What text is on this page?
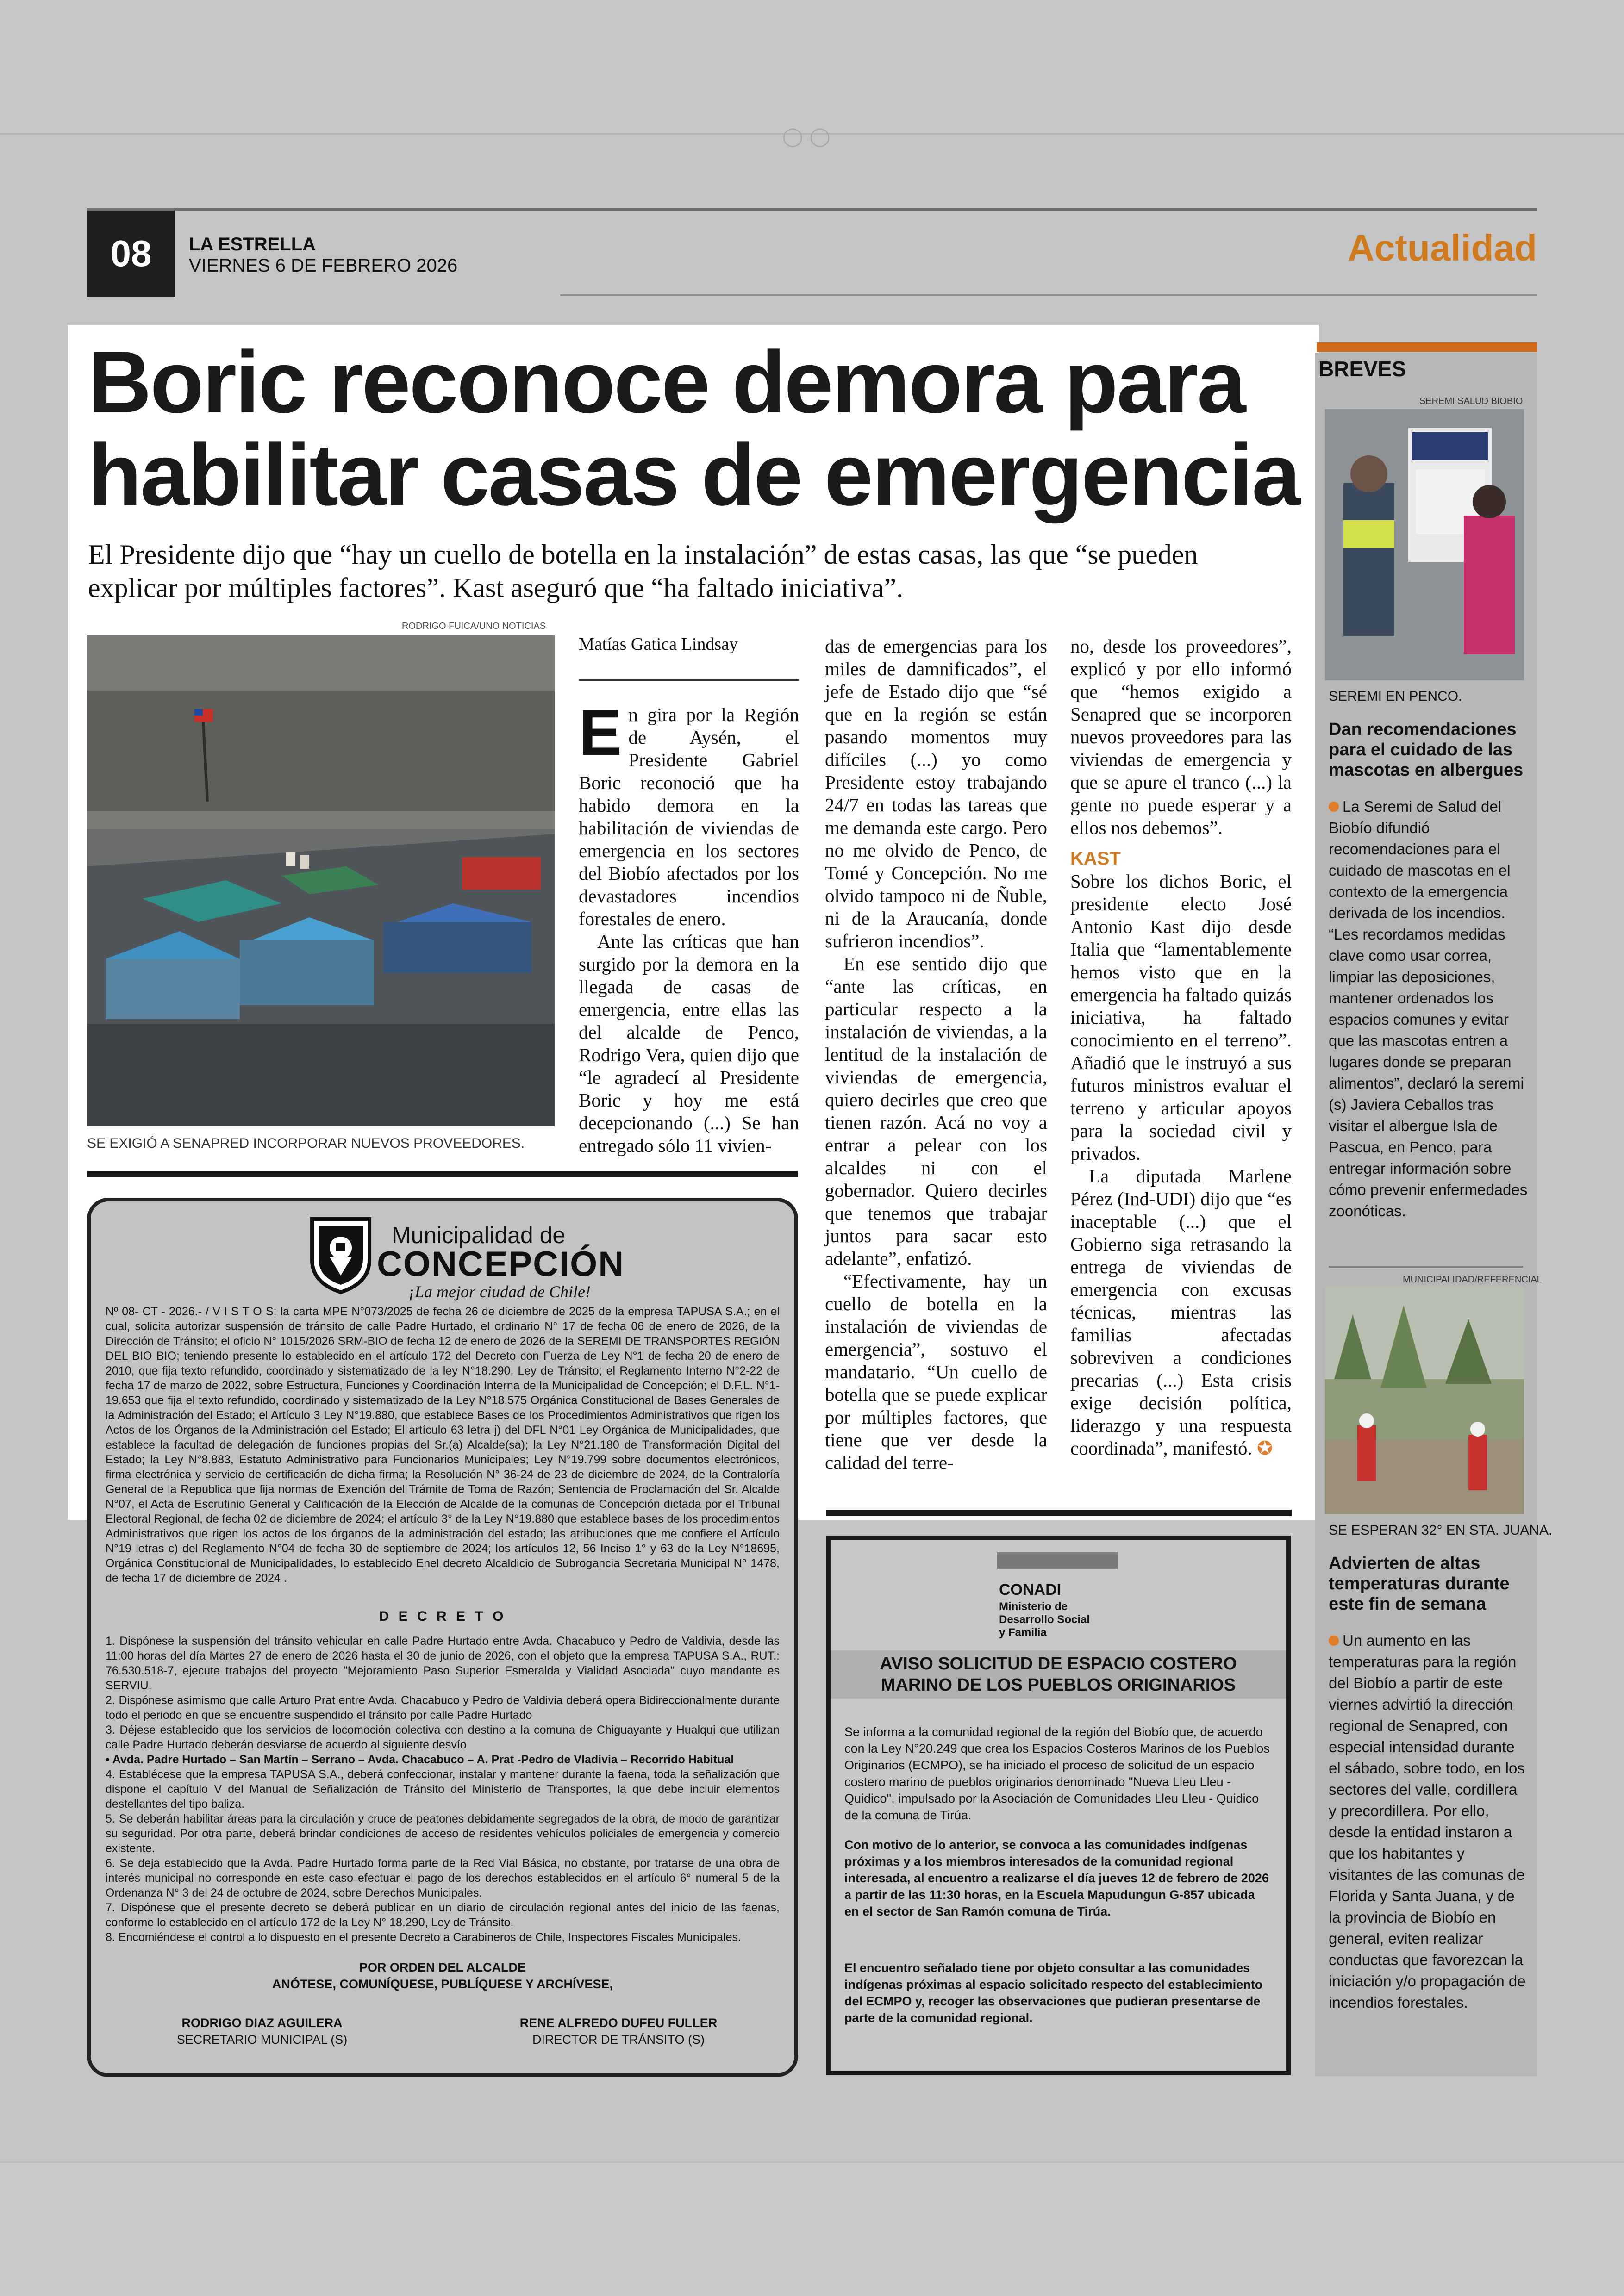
◯◯
08	LA ESTRELLA
VIERNES 6 DE FEBRERO 2026	Actualidad
Boric reconoce demora para habilitar casas de emergencia
El Presidente dijo que “hay un cuello de botella en la instalación” de estas casas, las que “se pueden explicar por múltiples factores”. Kast aseguró que “ha faltado iniciativa”.
RODRIGO FUICA/UNO NOTICIAS
SE EXIGIÓ A SENAPRED INCORPORAR NUEVOS PROVEEDORES.
Matías Gatica Lindsay
En gira por la Región de Aysén, el Presidente Gabriel Boric reconoció que ha habido demora en la habilitación de viviendas de emergencia en los sectores del Biobío afectados por los devastadores incendios forestales de enero.
Ante las críticas que han surgido por la demora en la llegada de casas de emergencia, entre ellas las del alcalde de Penco, Rodrigo Vera, quien dijo que “le agradecí al Presidente Boric y hoy me está decepcionando (...) Se han entregado sólo 11 vivien-
das de emergencias para los miles de damnificados”, el jefe de Estado dijo que “sé que en la región se están pasando momentos muy difíciles (...) yo como Presidente estoy trabajando 24/7 en todas las tareas que me demanda este cargo. Pero no me olvido de Penco, de Tomé y Concepción. No me olvido tampoco ni de Ñuble, ni de la Araucanía, donde sufrieron incendios”.
En ese sentido dijo que “ante las críticas, en particular respecto a la instalación de viviendas, a la lentitud de la instalación de viviendas de emergencia, quiero decirles que creo que tienen razón. Acá no voy a entrar a pelear con los alcaldes ni con el gobernador. Quiero decirles que tenemos que trabajar juntos para sacar esto adelante”, enfatizó.
“Efectivamente, hay un cuello de botella en la instalación de viviendas de emergencia”, sostuvo el mandatario. “Un cuello de botella que se puede explicar por múltiples factores, que tiene que ver desde la calidad del terre-
no, desde los proveedores”, explicó y por ello informó que “hemos exigido a Senapred que se incorporen nuevos proveedores para las viviendas de emergencia y que se apure el tranco (...) la gente no puede esperar y a ellos nos debemos”.
KAST
Sobre los dichos Boric, el presidente electo José Antonio Kast dijo desde Italia que “lamentablemente hemos visto que en la emergencia ha faltado quizás iniciativa, ha faltado conocimiento en el terreno”. Añadió que le instruyó a sus futuros ministros evaluar el terreno y articular apoyos para la sociedad civil y privados.
La diputada Marlene Pérez (Ind-UDI) dijo que “es inaceptable (...) que el Gobierno siga retrasando la entrega de viviendas de emergencia con excusas técnicas, mientras las familias afectadas sobreviven a condiciones precarias (...) Esta crisis exige decisión política, liderazgo y una respuesta coordinada”, manifestó. ✪
Municipalidad de
CONCEPCIÓN
¡La mejor ciudad de Chile!
Nº 08- CT - 2026.- / V I S T O S: la carta MPE N°073/2025 de fecha 26 de diciembre de 2025 de la empresa TAPUSA S.A.; en el cual, solicita autorizar suspensión de tránsito de calle Padre Hurtado, el ordinario N° 17 de fecha 06 de enero de 2026, de la Dirección de Tránsito; el oficio N° 1015/2026 SRM-BIO de fecha 12 de enero de 2026 de la SEREMI DE TRANSPORTES REGIÓN DEL BIO BIO; teniendo presente lo establecido en el artículo 172 del Decreto con Fuerza de Ley N°1 de fecha 20 de enero de 2010, que fija texto refundido, coordinado y sistematizado de la ley N°18.290, Ley de Tránsito; el Reglamento Interno N°2-22 de fecha 17 de marzo de 2022, sobre Estructura, Funciones y Coordinación Interna de la Municipalidad de Concepción; el D.F.L. N°1-19.653 que fija el texto refundido, coordinado y sistematizado de la Ley N°18.575 Orgánica Constitucional de Bases Generales de la Administración del Estado; el Artículo 3 Ley N°19.880, que establece Bases de los Procedimientos Administrativos que rigen los Actos de los Órganos de la Administración del Estado; El artículo 63 letra j) del DFL N°01 Ley Orgánica de Municipalidades, que establece la facultad de delegación de funciones propias del Sr.(a) Alcalde(sa); la Ley N°21.180 de Transformación Digital del Estado; la Ley N°8.883, Estatuto Administrativo para Funcionarios Municipales; Ley N°19.799 sobre documentos electrónicos, firma electrónica y servicio de certificación de dicha firma; la Resolución N° 36-24 de 23 de diciembre de 2024, de la Contraloría General de la Republica que fija normas de Exención del Trámite de Toma de Razón; Sentencia de Proclamación del Sr. Alcalde N°07, el Acta de Escrutinio General y Calificación de la Elección de Alcalde de la comunas de Concepción dictada por el Tribunal Electoral Regional, de fecha 02 de diciembre de 2024; el artículo 3° de la Ley N°19.880 que establece bases de los procedimientos Administrativos que rigen los actos de los órganos de la administración del estado; las atribuciones que me confiere el Artículo N°19 letras c) del Reglamento N°04 de fecha 30 de septiembre de 2024; los artículos 12, 56 Inciso 1° y 63 de la Ley N°18695, Orgánica Constitucional de Municipalidades, lo establecido Enel decreto Alcaldicio de Subrogancia Secretaria Municipal N° 1478, de fecha 17 de diciembre de 2024 .
D E C R E T O
1. Dispónese la suspensión del tránsito vehicular en calle Padre Hurtado entre Avda. Chacabuco y Pedro de Valdivia, desde las 11:00 horas del día Martes 27 de enero de 2026 hasta el 30 de junio de 2026, con el objeto que la empresa TAPUSA S.A., RUT.: 76.530.518-7, ejecute trabajos del proyecto "Mejoramiento Paso Superior Esmeralda y Vialidad Asociada" cuyo mandante es SERVIU.
2. Dispónese asimismo que calle Arturo Prat entre Avda. Chacabuco y Pedro de Valdivia deberá opera Bidireccionalmente durante todo el periodo en que se encuentre suspendido el tránsito por calle Padre Hurtado
3. Déjese establecido que los servicios de locomoción colectiva con destino a la comuna de Chiguayante y Hualqui que utilizan calle Padre Hurtado deberán desviarse de acuerdo al siguiente desvío
• Avda. Padre Hurtado – San Martín – Serrano – Avda. Chacabuco – A. Prat -Pedro de Vladivia – Recorrido Habitual
4. Establécese que la empresa TAPUSA S.A., deberá confeccionar, instalar y mantener durante la faena, toda la señalización que dispone el capítulo V del Manual de Señalización de Tránsito del Ministerio de Transportes, la que debe incluir elementos destellantes del tipo baliza.
5. Se deberán habilitar áreas para la circulación y cruce de peatones debidamente segregados de la obra, de modo de garantizar su seguridad. Por otra parte, deberá brindar condiciones de acceso de residentes vehículos policiales de emergencia y comercio existente.
6. Se deja establecido que la Avda. Padre Hurtado forma parte de la Red Vial Básica, no obstante, por tratarse de una obra de interés municipal no corresponde en este caso efectuar el pago de los derechos establecidos en el artículo 6° numeral 5 de la Ordenanza N° 3 del 24 de octubre de 2024, sobre Derechos Municipales.
7. Dispónese que el presente decreto se deberá publicar en un diario de circulación regional antes del inicio de las faenas, conforme lo establecido en el artículo 172 de la Ley N° 18.290, Ley de Tránsito.
8. Encomiéndese el control a lo dispuesto en el presente Decreto a Carabineros de Chile, Inspectores Fiscales Municipales.
POR ORDEN DEL ALCALDE
ANÓTESE, COMUNÍQUESE, PUBLÍQUESE Y ARCHÍVESE,
RODRIGO DIAZ AGUILERA
SECRETARIO MUNICIPAL (S)
RENE ALFREDO DUFEU FULLER
DIRECTOR DE TRÁNSITO (S)
CONADI
Ministerio de
Desarrollo Social
y Familia
AVISO SOLICITUD DE ESPACIO COSTERO
MARINO DE LOS PUEBLOS ORIGINARIOS
Se informa a la comunidad regional de la región del Biobío que, de acuerdo con la Ley N°20.249 que crea los Espacios Costeros Marinos de los Pueblos Originarios (ECMPO), se ha iniciado el proceso de solicitud de un espacio costero marino de pueblos originarios denominado "Nueva Lleu Lleu - Quidico", impulsado por la Asociación de Comunidades Lleu Lleu - Quidico de la comuna de Tirúa.
Con motivo de lo anterior, se convoca a las comunidades indígenas próximas y a los miembros interesados de la comunidad regional interesada, al encuentro a realizarse el día jueves 12 de febrero de 2026 a partir de las 11:30 horas, en la Escuela Mapudungun G-857 ubicada en el sector de San Ramón comuna de Tirúa.
El encuentro señalado tiene por objeto consultar a las comunidades indígenas próximas al espacio solicitado respecto del establecimiento del ECMPO y, recoger las observaciones que pudieran presentarse de parte de la comunidad regional.
BREVES
SEREMI SALUD BIOBIO
SEREMI EN PENCO.
Dan recomendaciones para el cuidado de las mascotas en albergues
La Seremi de Salud del Biobío difundió recomendaciones para el cuidado de mascotas en el contexto de la emergencia derivada de los incendios. “Les recordamos medidas clave como usar correa, limpiar las deposiciones, mantener ordenados los espacios comunes y evitar que las mascotas entren a lugares donde se preparan alimentos”, declaró la seremi (s) Javiera Ceballos tras visitar el albergue Isla de Pascua, en Penco, para entregar información sobre cómo prevenir enfermedades zoonóticas.
MUNICIPALIDAD/REFERENCIAL
SE ESPERAN 32° EN STA. JUANA.
Advierten de altas temperaturas durante este fin de semana
Un aumento en las temperaturas para la región del Biobío a partir de este viernes advirtió la dirección regional de Senapred, con especial intensidad durante el sábado, sobre todo, en los sectores del valle, cordillera y precordillera. Por ello, desde la entidad instaron a que los habitantes y visitantes de las comunas de Florida y Santa Juana, y de la provincia de Biobío en general, eviten realizar conductas que favorezcan la iniciación y/o propagación de incendios forestales.
